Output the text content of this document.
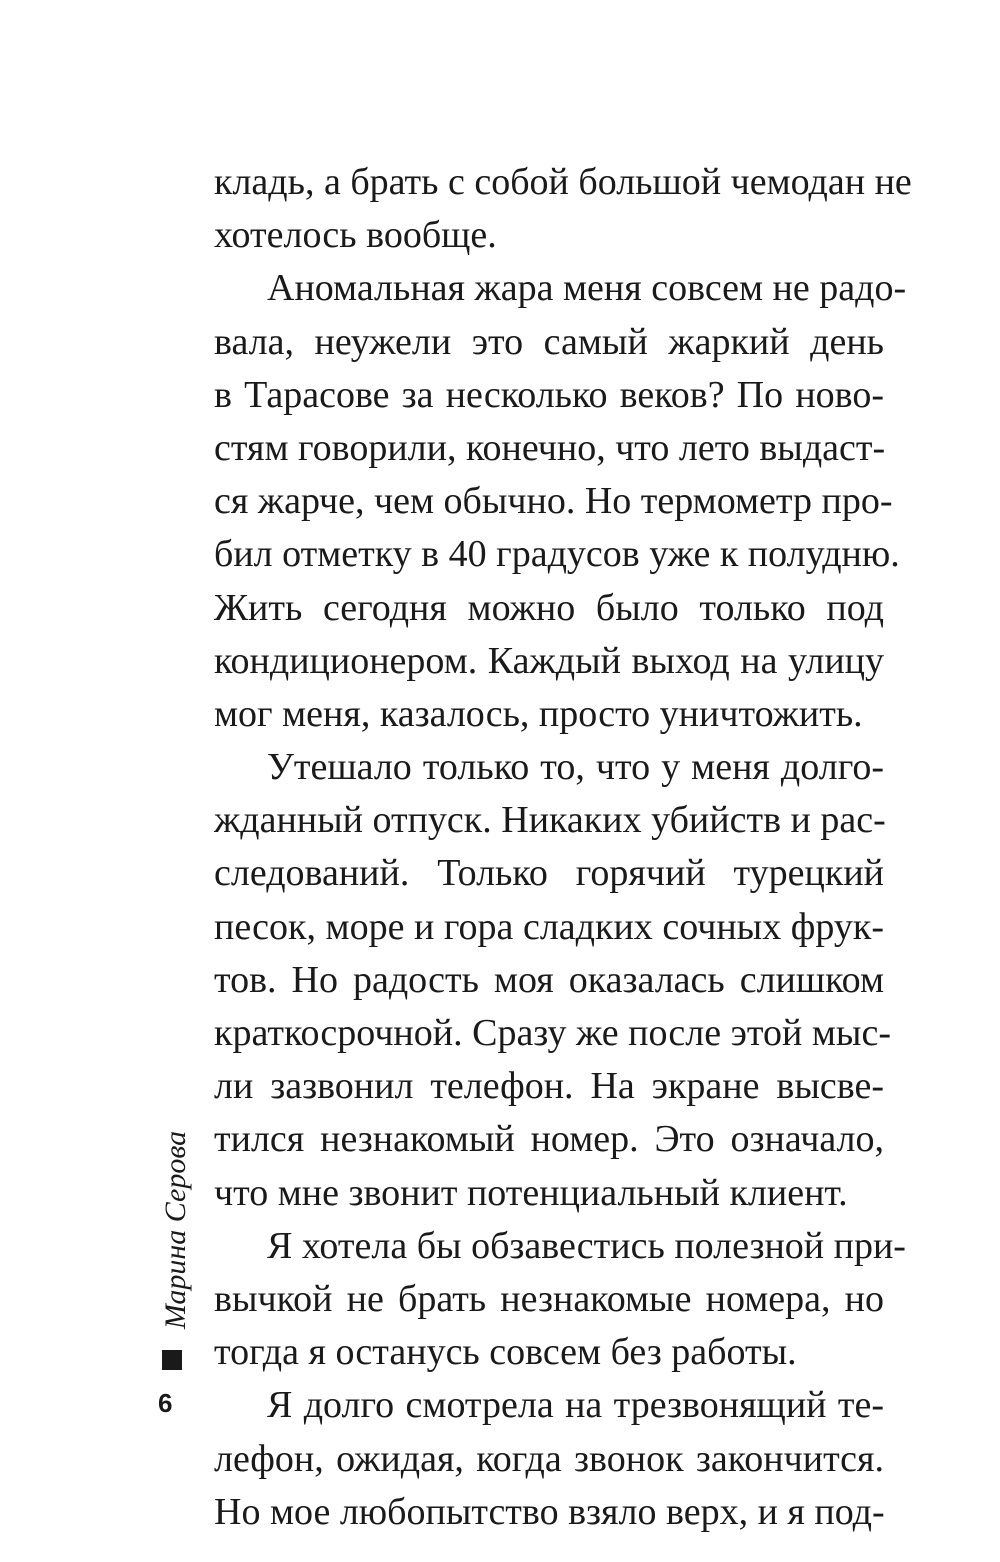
кладь, а брать с собой большой чемодан не
хотелось вообще.
Аномальная жара меня совсем не радо-
вала, неужели это самый жаркий день
в Тарасове за несколько веков? По ново-
стям говорили, конечно, что лето выдаст-
ся жарче, чем обычно. Но термометр про-
бил отметку в 40 градусов уже к полудню.
Жить сегодня можно было только под
кондиционером. Каждый выход на улицу
мог меня, казалось, просто уничтожить.
Утешало только то, что у меня долго-
жданный отпуск. Никаких убийств и рас-
следований. Только горячий турецкий
песок, море и гора сладких сочных фрук-
тов. Но радость моя оказалась слишком
краткосрочной. Сразу же после этой мыс-
ли зазвонил телефон. На экране высве-
тился незнакомый номер. Это означало,
что мне звонит потенциальный клиент.
Я хотела бы обзавестись полезной при-
вычкой не брать незнакомые номера, но
тогда я останусь совсем без работы.
Я долго смотрела на трезвонящий те-
лефон, ожидая, когда звонок закончится.
Но мое любопытство взяло верх, и я под-
Марина Серова
6
